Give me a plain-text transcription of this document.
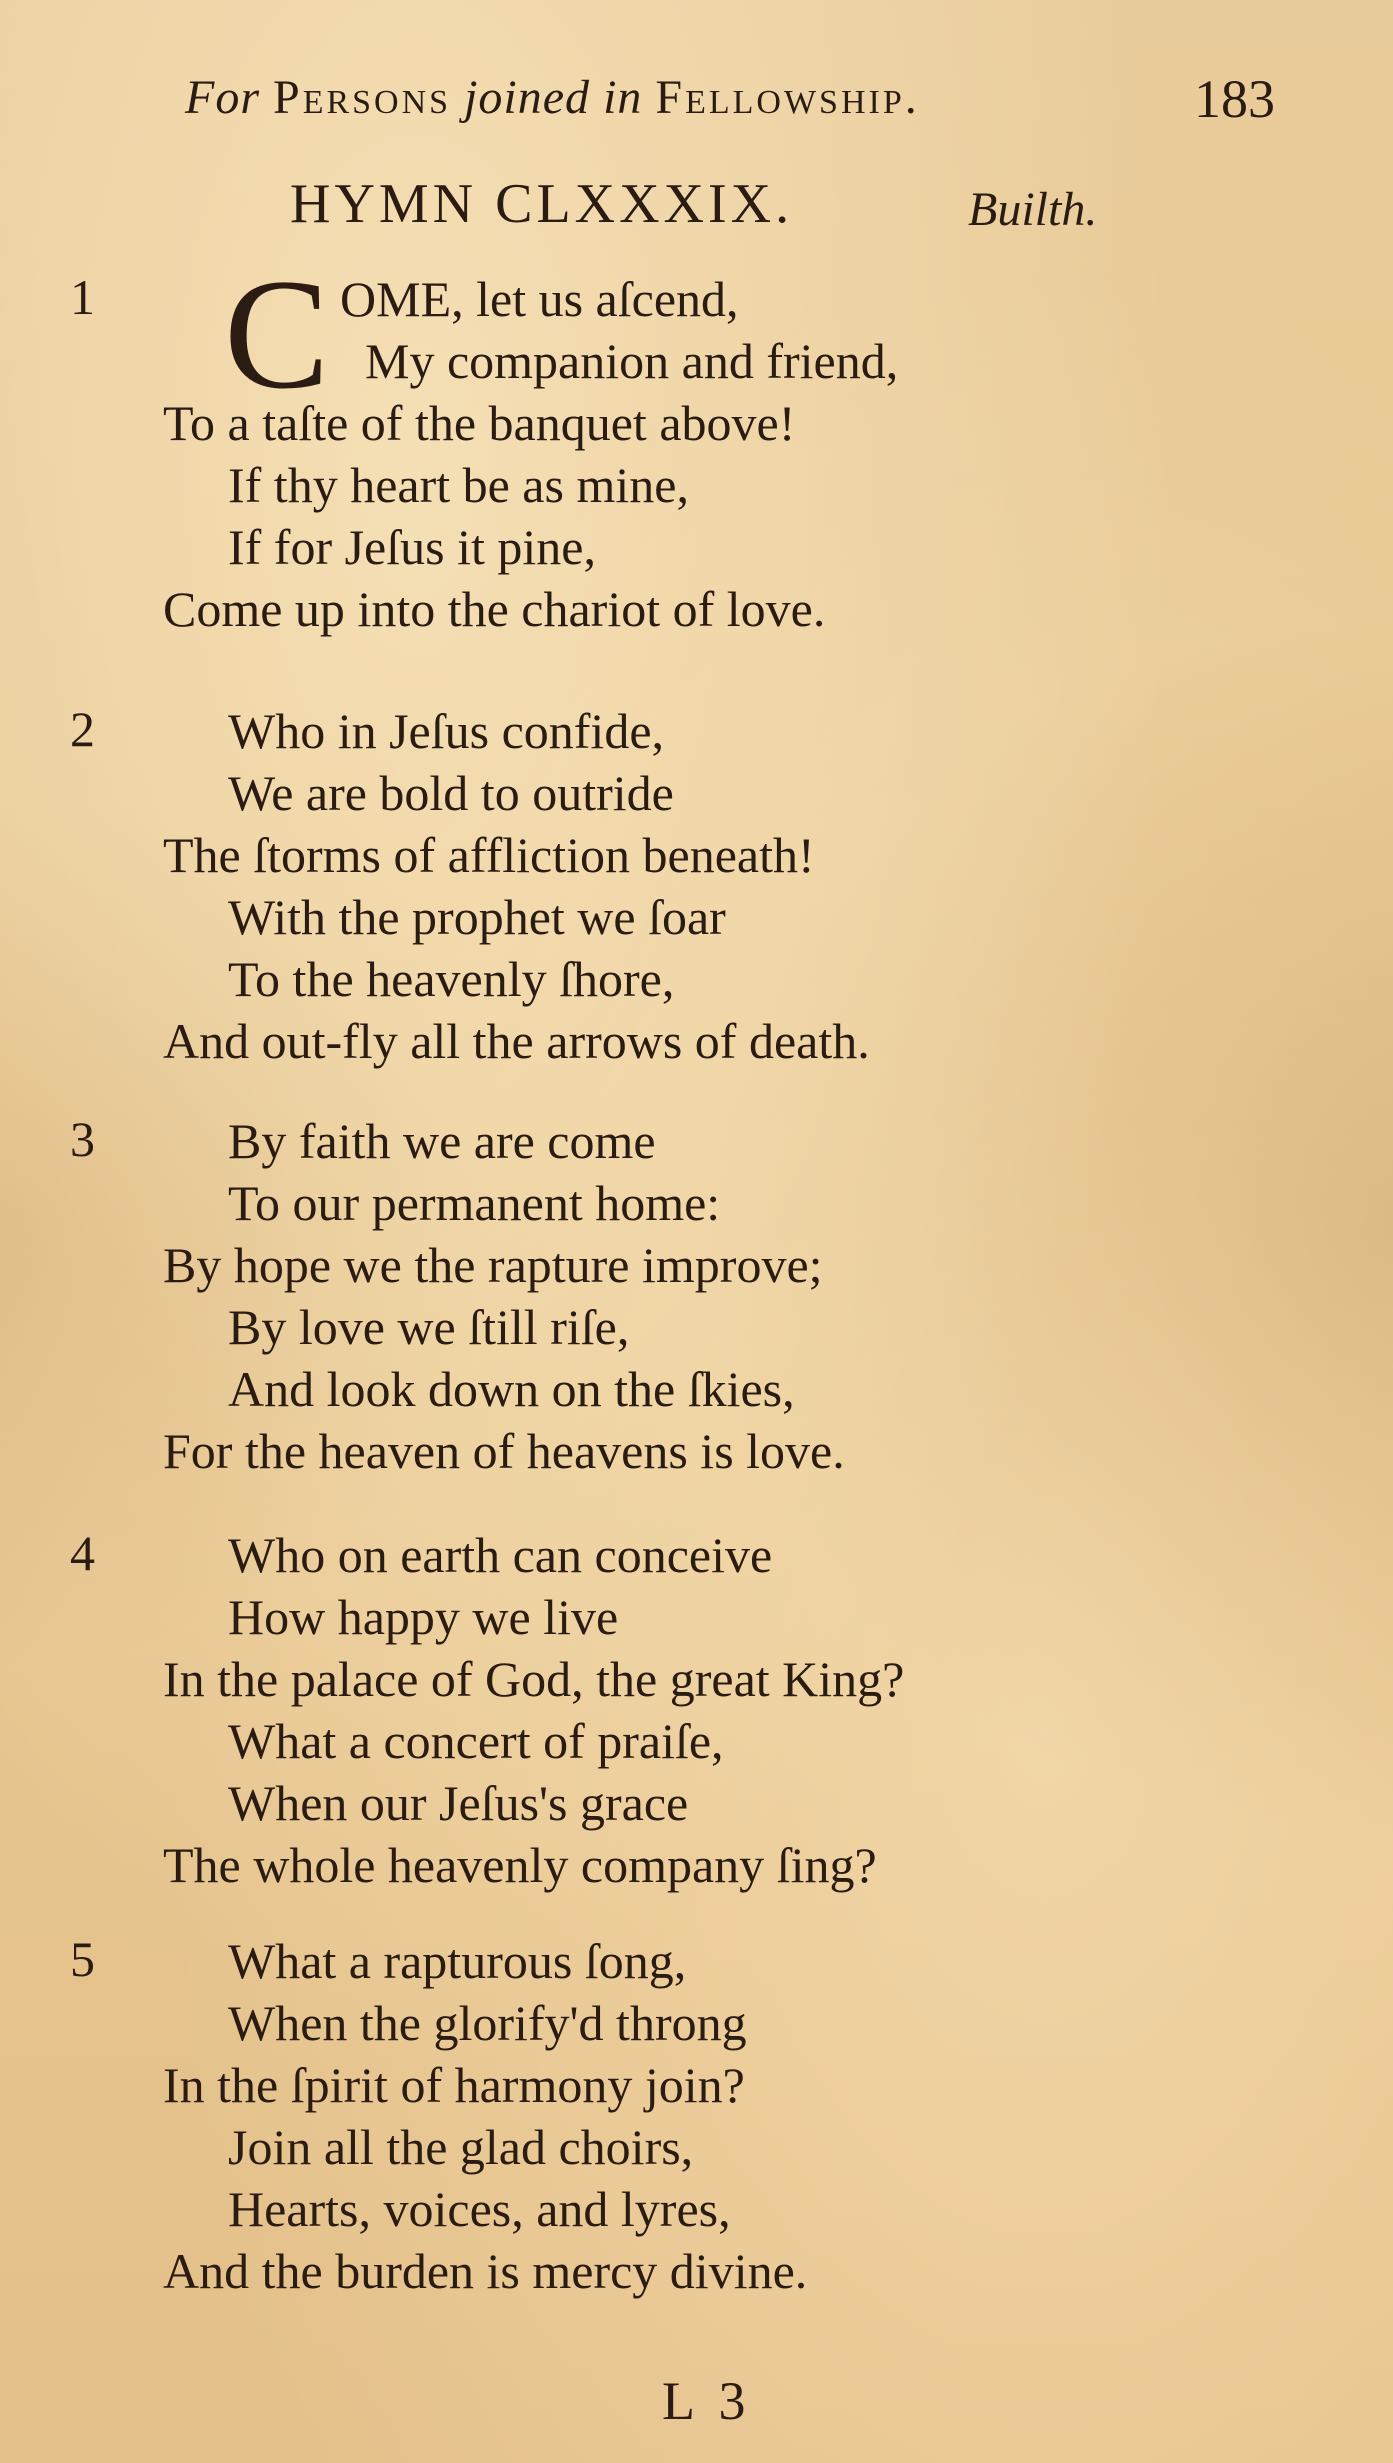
For Persons joined in Fellowship.	183
HYMN CLXXXIX.	Builth.
1 C OME, let us aſcend,
My companion and friend,
To a taſte of the banquet above!
If thy heart be as mine,
If for Jeſus it pine,
Come up into the chariot of love.
2	Who in Jeſus confide,
We are bold to outride
The ſtorms of affliction beneath!
With the prophet we ſoar
To the heavenly ſhore,
And out-fly all the arrows of death.
3	By faith we are come
To our permanent home:
By hope we the rapture improve;
By love we ſtill riſe,
And look down on the ſkies,
For the heaven of heavens is love.
4	Who on earth can conceive
How happy we live
In the palace of God, the great King?
What a concert of praiſe,
When our Jeſus's grace
The whole heavenly company ſing?
5	What a rapturous ſong,
When the glorify'd throng
In the ſpirit of harmony join?
Join all the glad choirs,
Hearts, voices, and lyres,
And the burden is mercy divine.
L 3
